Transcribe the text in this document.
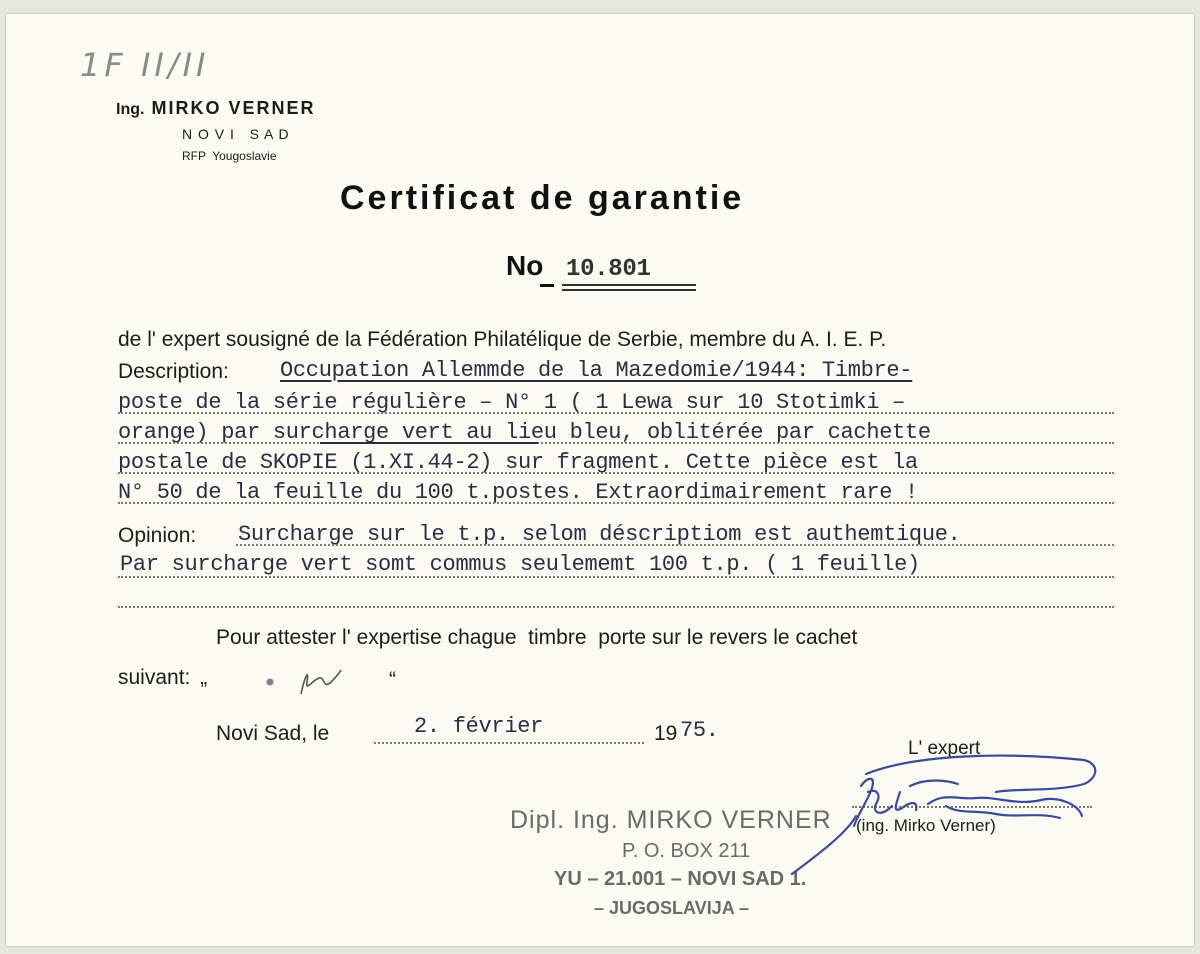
1F II/II
Ing. MIRKO VERNER
N O V I   S A D
RFP  Yougoslavie
Certificat de garantie
No 10.801
de l' expert sousigné de la Fédération Philatélique de Serbie, membre du A. I. E. P.
Description: Occupation Allemmde de la Mazedomie/1944: Timbre-
poste de la série régulière – N° 1 ( 1 Lewa sur 10 Stotimki –
orange) par surcharge vert au lieu bleu, oblitérée par cachette
postale de SKOPIE (1.XI.44-2) sur fragment. Cette pièce est la
N° 50 de la feuille du 100 t.postes. Extraordimairement rare !
Opinion: Surcharge sur le t.p. selom déscriptiom est authemtique.
Par surcharge vert somt commus seulememt 100 t.p. ( 1 feuille)
Pour attester l' expertise chague  timbre  porte sur le revers le cachet
suivant: „	“
Novi Sad, le	2. février	19 75.
L' expert
Dipl. Ing. MIRKO VERNER
P. O. BOX 211
YU – 21.001 – NOVI SAD 1.
– JUGOSLAVIJA –
(ing. Mirko Verner)
